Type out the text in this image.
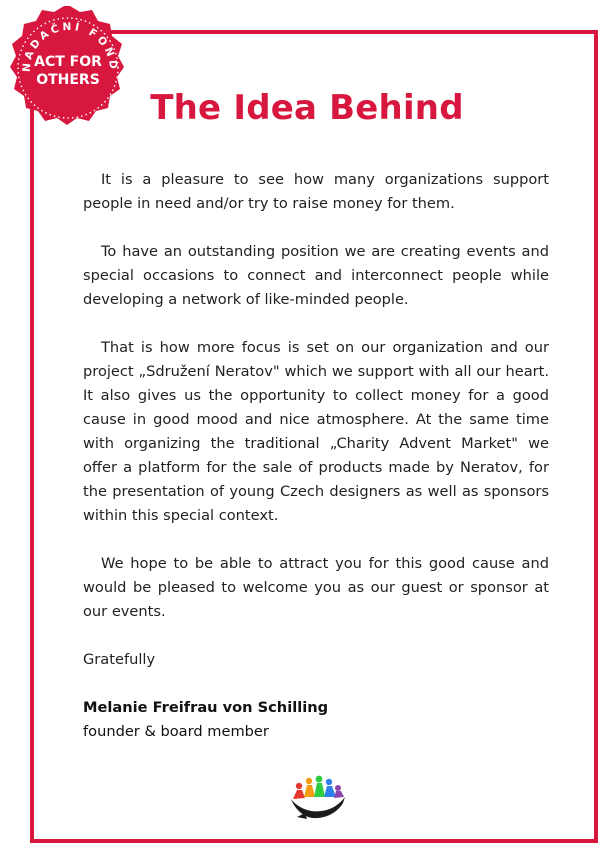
NADAČNÍ FOND
ACT FOR
OTHERS
The Idea Behind

It is a pleasure to see how many organizations support people in need and/or try to raise money for them.

To have an outstanding position we are creating events and special occasions to connect and interconnect people while developing a network of like-minded people.

That is how more focus is set on our organization and our project „Sdružení Neratov" which we support with all our heart. It also gives us the opportunity to collect money for a good cause in good mood and nice atmosphere. At the same time with organizing the traditional „Charity Advent Market" we offer a platform for the sale of products made by Neratov, for the presentation of young Czech designers as well as sponsors within this special context.

We hope to be able to attract you for this good cause and would be pleased to welcome you as our guest or sponsor at our events.

Gratefully
Melanie Freifrau von Schilling
founder & board member
